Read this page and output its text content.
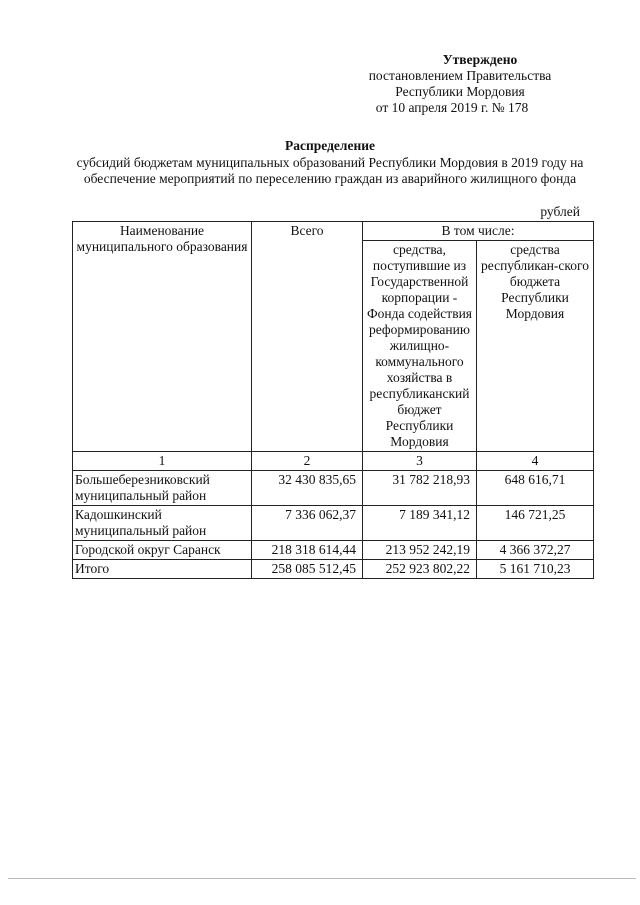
Утверждено
постановлением Правительства
Республики Мордовия
от 10 апреля 2019 г. № 178
Распределение
субсидий бюджетам муниципальных образований Республики Мордовия в 2019 году на обеспечение мероприятий по переселению граждан из аварийного жилищного фонда
рублей
Наименование муниципального образования	Всего	В том числе:	
		средства, поступившие из Государственной корпорации - Фонда содействия реформированию жилищно-коммунального хозяйства в республиканский бюджет Республики Мордовия	средства республикан-ского бюджета Республики Мордовия
1	2	3	4
Большеберезниковский муниципальный район	32 430 835,65	31 782 218,93	648 616,71
Кадошкинский муниципальный район	7 336 062,37	7 189 341,12	146 721,25
Городской округ Саранск	218 318 614,44	213 952 242,19	4 366 372,27
Итого	258 085 512,45	252 923 802,22	5 161 710,23
